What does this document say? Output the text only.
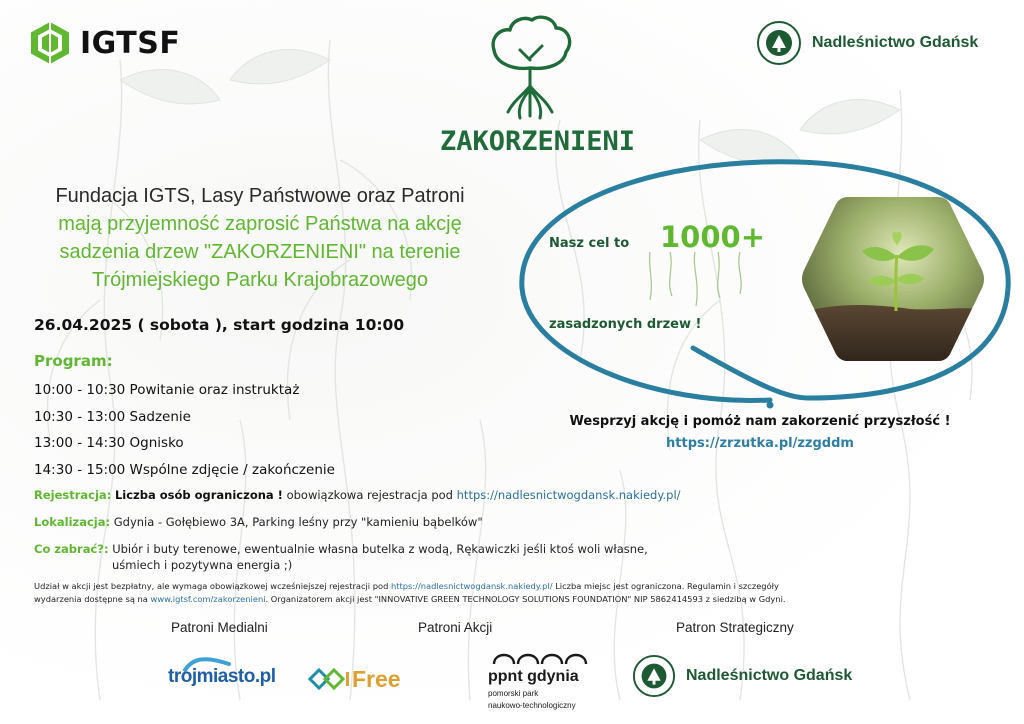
IGTSF
ZAKORZENIENI
Nadleśnictwo Gdańsk
Fundacja IGTS, Lasy Państwowe oraz Patroni
mają przyjemność zaprosić Państwa na akcję
sadzenia drzew "ZAKORZENIENI" na terenie
Trójmiejskiego Parku Krajobrazowego
26.04.2025 ( sobota ), start godzina 10:00
Program:
10:00 - 10:30 Powitanie oraz instruktaż
10:30 - 13:00 Sadzenie
13:00 - 14:30 Ognisko
14:30 - 15:00 Wspólne zdjęcie / zakończenie
Rejestracja: Liczba osób ograniczona ! obowiązkowa rejestracja pod https://nadlesnictwogdansk.nakiedy.pl/
Lokalizacja: Gdynia - Gołębiewo 3A, Parking leśny przy "kamieniu bąbelków"
Co zabrać?: Ubiór i buty terenowe, ewentualnie własna butelka z wodą, Rękawiczki jeśli ktoś woli własne,
uśmiech i pozytywna energia ;)
Udział w akcji jest bezpłatny, ale wymaga obowiązkowej wcześniejszej rejestracji pod https://nadlesnictwogdansk.nakiedy.pl/ Liczba miejsc jest ograniczona. Regulamin i szczegóły
wydarzenia dostępne są na www.igtsf.com/zakorzenieni. Organizatorem akcji jest "INNOVATIVE GREEN TECHNOLOGY SOLUTIONS FOUNDATION" NIP 5862414593 z siedzibą w Gdyni.
Nasz cel to 1000+
zasadzonych drzew !
Wesprzyj akcję i pomóż nam zakorzenić przyszłość !
https://zrzutka.pl/zzgddm
Patroni Medialni	Patroni Akcji	Patron Strategiczny
trojmiasto.pl	Free	ppnt gdynia
pomorski park
naukowo-technologiczny
Nadleśnictwo Gdańsk
